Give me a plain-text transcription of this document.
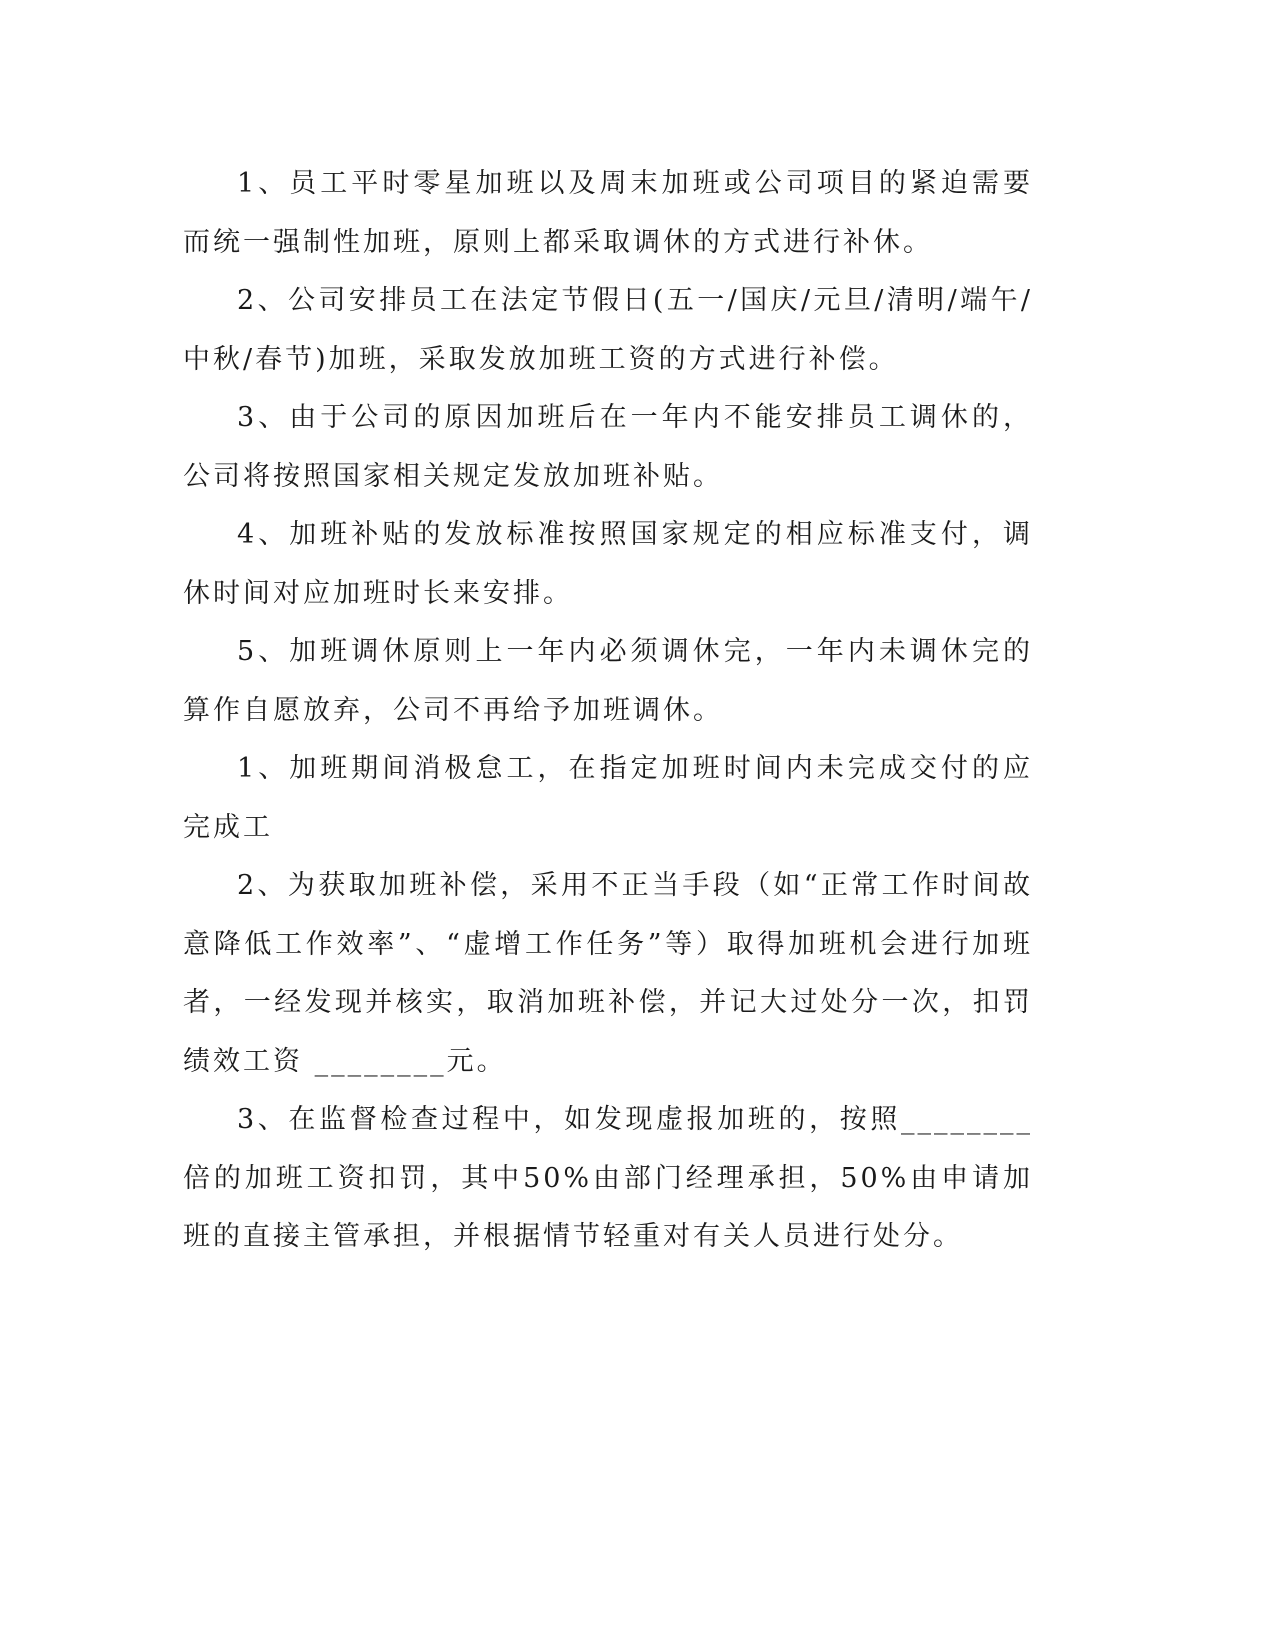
1、员工平时零星加班以及周末加班或公司项目的紧迫需要而统一强制性加班，原则上都采取调休的方式进行补休。

2、公司安排员工在法定节假日(五一/国庆/元旦/清明/端午/中秋/春节)加班，采取发放加班工资的方式进行补偿。

3、由于公司的原因加班后在一年内不能安排员工调休的，公司将按照国家相关规定发放加班补贴。

4、加班补贴的发放标准按照国家规定的相应标准支付，调休时间对应加班时长来安排。

5、加班调休原则上一年内必须调休完，一年内未调休完的算作自愿放弃，公司不再给予加班调休。

1、加班期间消极怠工，在指定加班时间内未完成交付的应完成工

2、为获取加班补偿，采用不正当手段（如“正常工作时间故意降低工作效率”、“虚增工作任务”等）取得加班机会进行加班者，一经发现并核实，取消加班补偿，并记大过处分一次，扣罚绩效工资 ________元。

3、在监督检查过程中，如发现虚报加班的，按照________倍的加班工资扣罚，其中50%由部门经理承担，50%由申请加班的直接主管承担，并根据情节轻重对有关人员进行处分。
